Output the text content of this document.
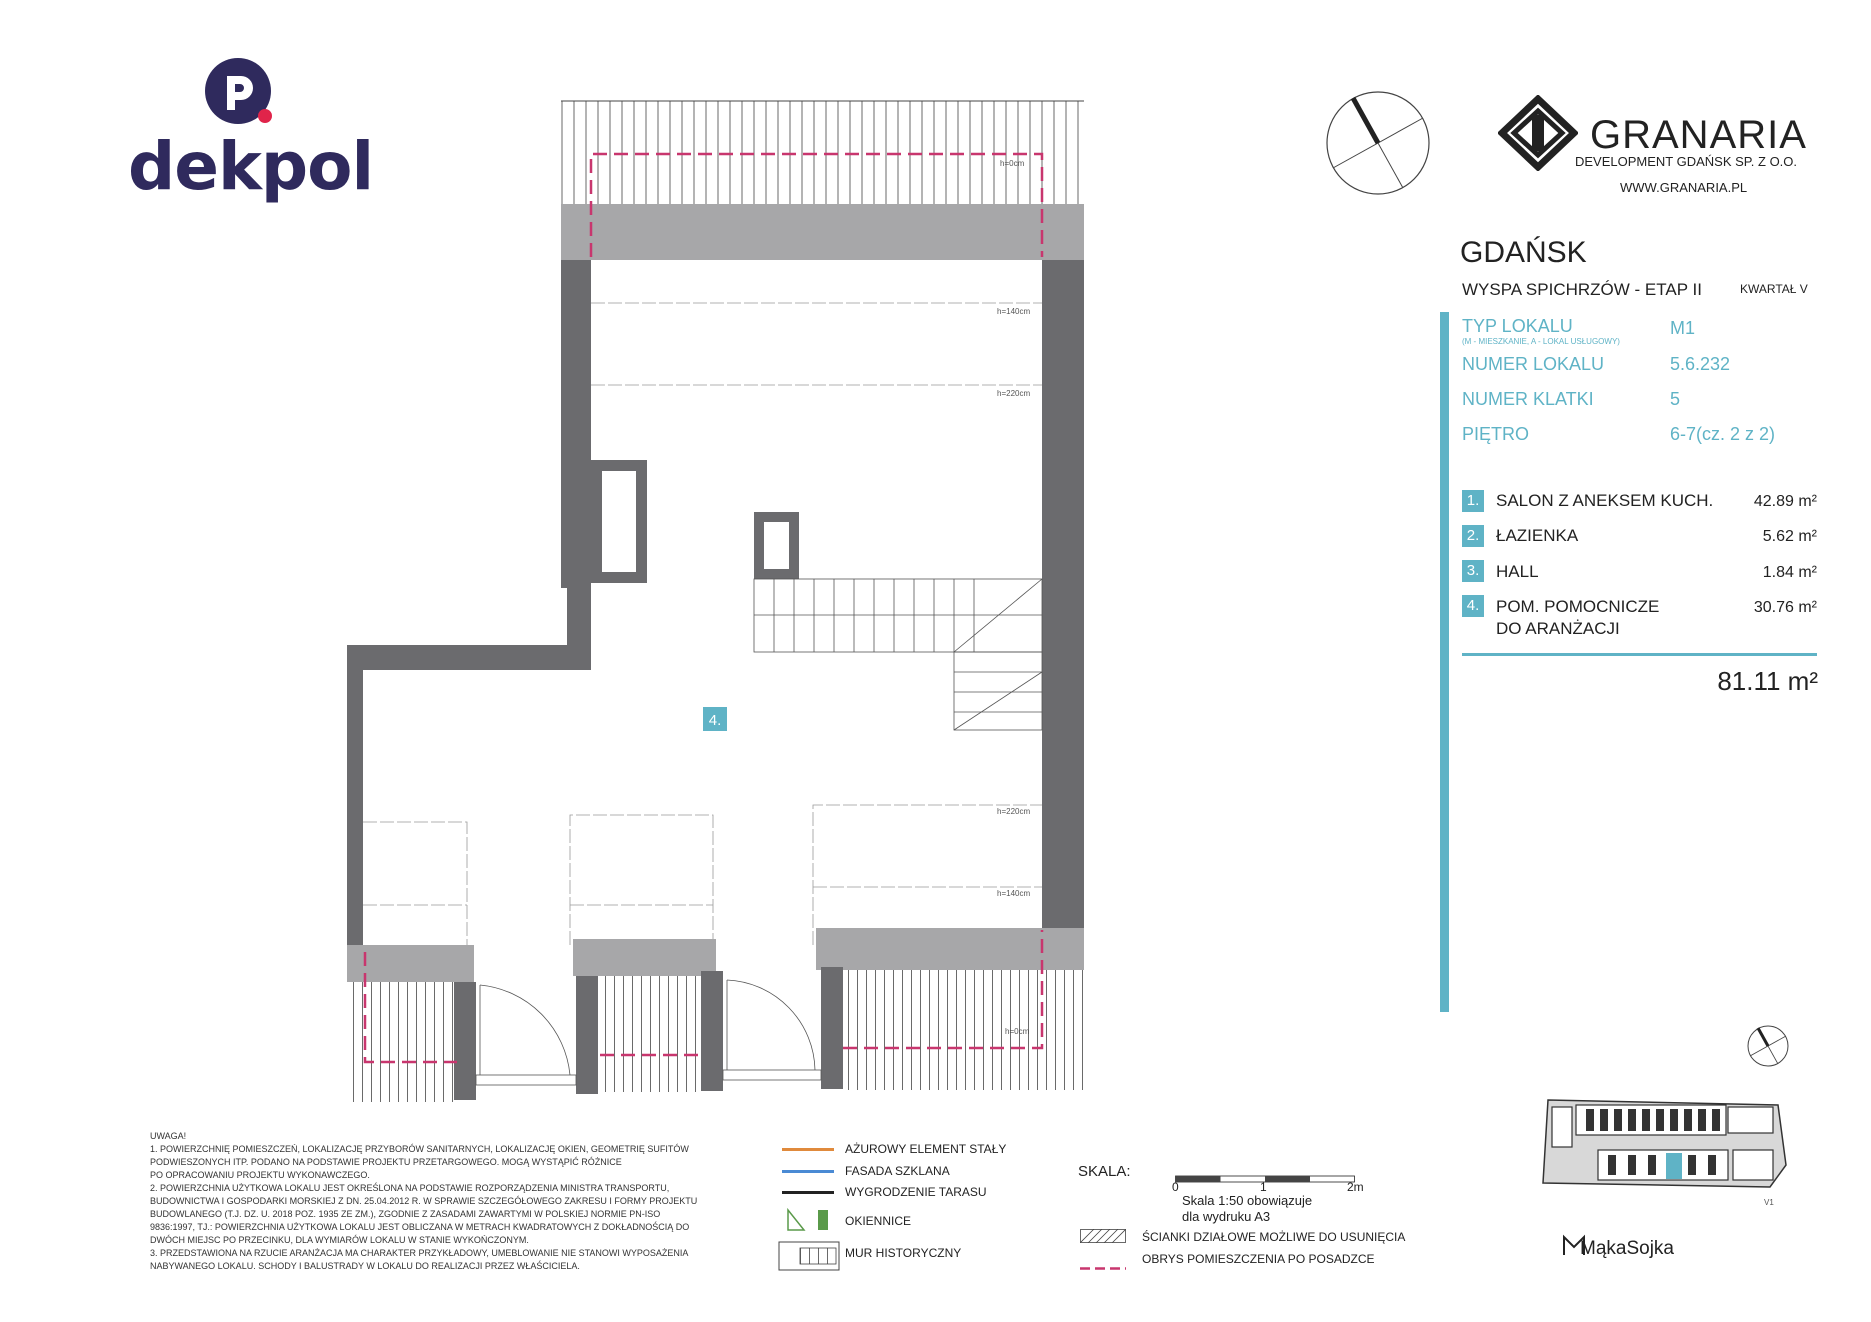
dekpol	GRANARIA
DEVELOPMENT GDAŃSK SP. Z O.O.
WWW.GRANARIA.PL
GDAŃSK
WYSPA SPICHRZÓW - ETAP II	KWARTAŁ V
TYP LOKALU
(M - MIESZKANIE, A - LOKAL USŁUGOWY)
M1
NUMER LOKALU	5.6.232
NUMER KLATKI	5
PIĘTRO	6-7(cz. 2 z 2)
1. SALON Z ANEKSEM KUCH.	42.89 m²
2. ŁAZIENKA	5.62 m²
3. HALL	1.84 m²
4. POM. POMOCNICZE
DO ARANŻACJI
30.76 m²
81.11 m²
h=140cm
h=220cm
h=220cm
h=140cm
h=0cm
4.
UWAGA!
1. POWIERZCHNIĘ POMIESZCZEŃ, LOKALIZACJĘ PRZYBORÓW SANITARNYCH, LOKALIZACJĘ OKIEN, GEOMETRIĘ SUFITÓW
PODWIESZONYCH ITP. PODANO NA PODSTAWIE PROJEKTU PRZETARGOWEGO. MOGĄ WYSTĄPIĆ RÓŻNICE
PO OPRACOWANIU PROJEKTU WYKONAWCZEGO.
2. POWIERZCHNIA UŻYTKOWA LOKALU JEST OKREŚLONA NA PODSTAWIE ROZPORZĄDZENIA MINISTRA TRANSPORTU,
BUDOWNICTWA I GOSPODARKI MORSKIEJ Z DN. 25.04.2012 R. W SPRAWIE SZCZEGÓŁOWEGO ZAKRESU I FORMY PROJEKTU
BUDOWLANEGO (T.J. DZ. U. 2018 POZ. 1935 ZE ZM.), ZGODNIE Z ZASADAMI ZAWARTYMI W POLSKIEJ NORMIE PN-ISO
9836:1997, TJ.: POWIERZCHNIA UŻYTKOWA LOKALU JEST OBLICZANA W METRACH KWADRATOWYCH Z DOKŁADNOŚCIĄ DO
DWÓCH MIEJSC PO PRZECINKU, DLA WYMIARÓW LOKALU W STANIE WYKOŃCZONYM.
3. PRZEDSTAWIONA NA RZUCIE ARANŻACJA MA CHARAKTER PRZYKŁADOWY, UMEBLOWANIE NIE STANOWI WYPOSAŻENIA
NABYWANEGO LOKALU. SCHODY I BALUSTRADY W LOKALU DO REALIZACJI PRZEZ WŁAŚCICIELA.
AŻUROWY ELEMENT STAŁY
FASADA SZKLANA
WYGRODZENIE TARASU
OKIENNICE
MUR HISTORYCZNY
SKALA:
0	1	2m
Skala 1:50 obowiązuje
dla wydruku A3
ŚCIANKI DZIAŁOWE MOŻLIWE DO USUNIĘCIA
OBRYS POMIESZCZENIA PO POSADZCE
V1
MąkaSojka
